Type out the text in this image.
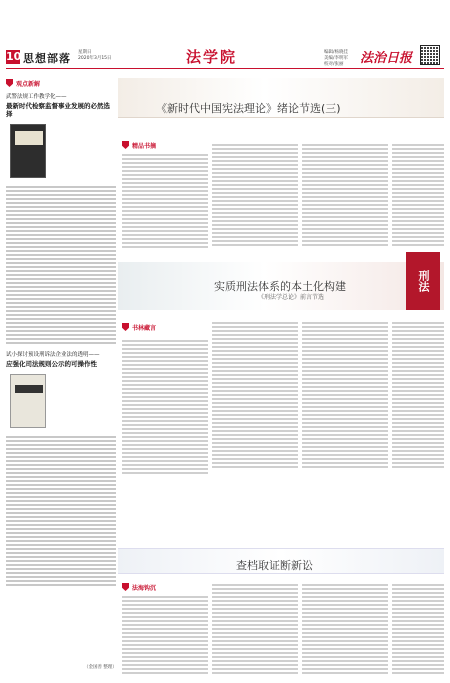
10 思想部落 星期日
2020年3月15日	法学院	编辑/杨晓佳
美编/李明军
校对/张丽	法治日报
观点新解
武警法规工作教学化——
最新时代检察监督事业发展的必然选择
试小探讨预设刑诉法企业法的透明——
应强化司法规则公示的可操作性
（金国善 整理）
《新时代中国宪法理论》绪论节选(三)
精品书摘
实质刑法体系的本土化构建
《刑法学总论》前言节选
刑法
书林藏言
查档取证断新讼
法海钩沉
